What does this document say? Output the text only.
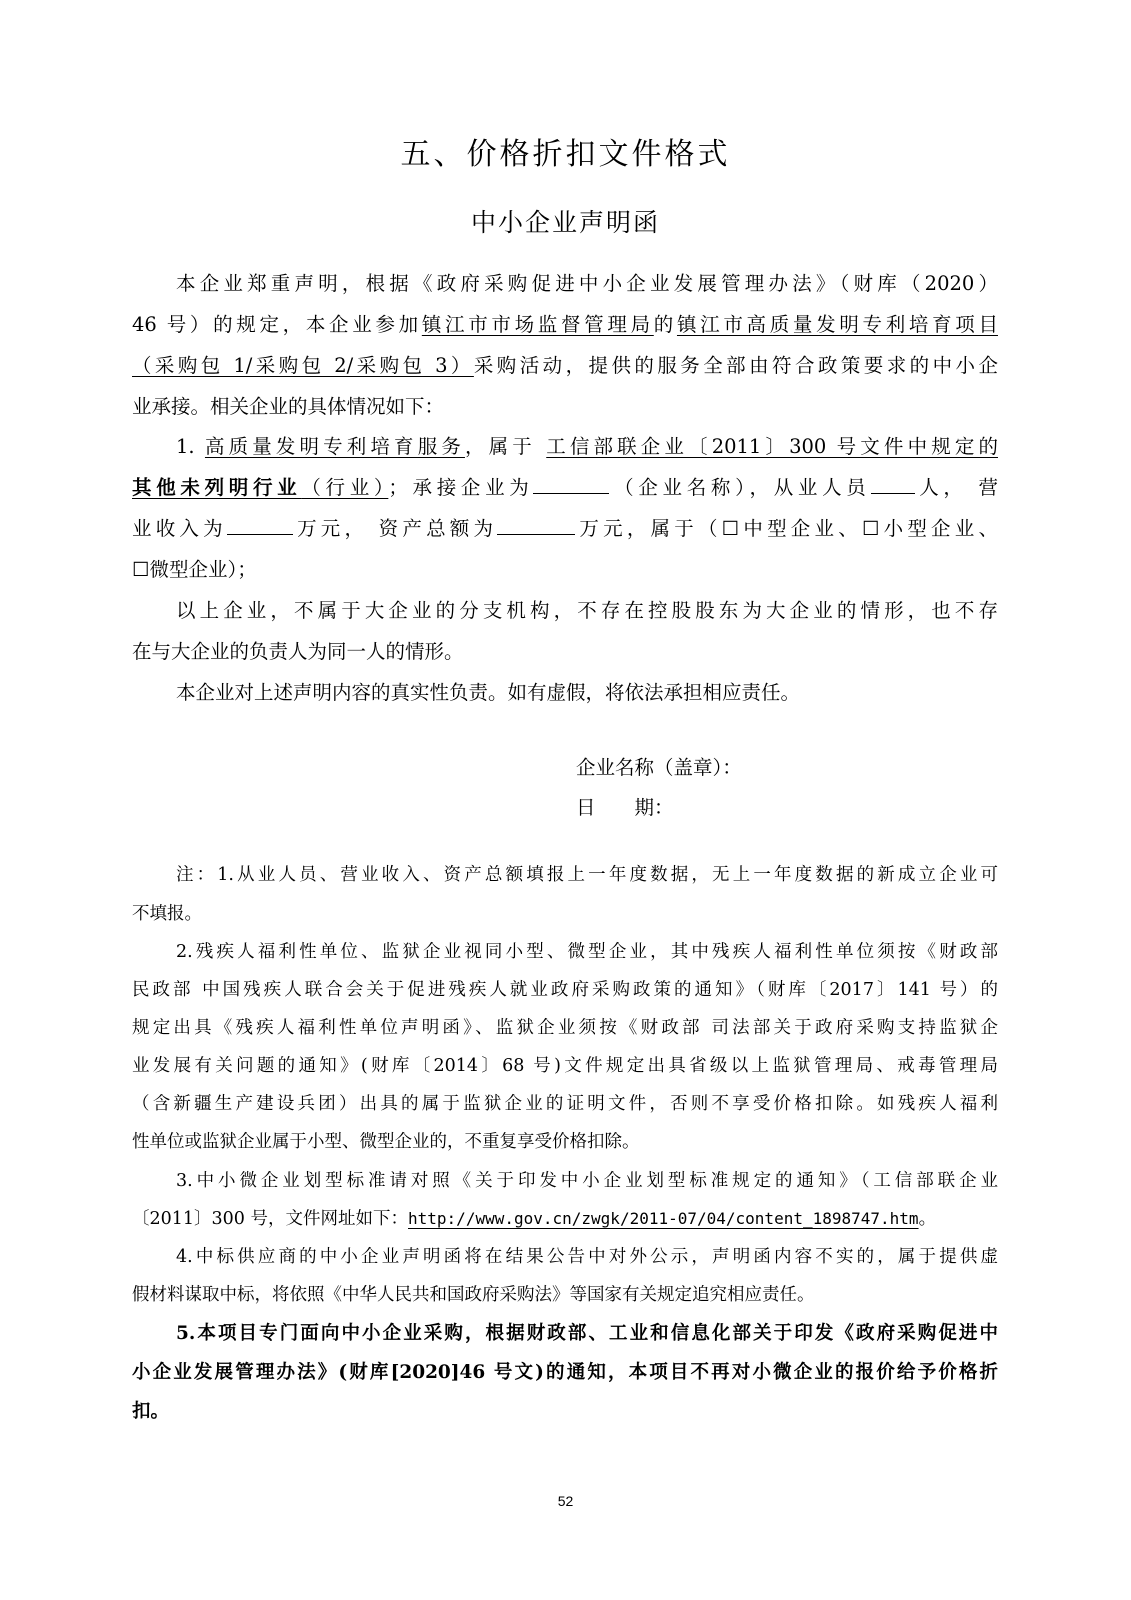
五、价格折扣文件格式
中小企业声明函
本企业郑重声明，根据《政府采购促进中小企业发展管理办法》（财库（2020）
46 号）的规定，本企业参加镇江市市场监督管理局的镇江市高质量发明专利培育项目
（采购包 1/采购包 2/采购包 3）采购活动，提供的服务全部由符合政策要求的中小企
业承接。相关企业的具体情况如下：
1. 高质量发明专利培育服务，属于 工信部联企业〔2011〕300 号文件中规定的
其他未列明行业（行业）；承接企业为	（企业名称），从业人员 人， 营
业收入为	万元， 资产总额为	万元，属于（☐中型企业、☐小型企业、
☐微型企业）；
以上企业，不属于大企业的分支机构，不存在控股股东为大企业的情形，也不存
在与大企业的负责人为同一人的情形。
本企业对上述声明内容的真实性负责。如有虚假，将依法承担相应责任。
企业名称（盖章）：
日　　期：
注：1.从业人员、营业收入、资产总额填报上一年度数据，无上一年度数据的新成立企业可
不填报。
2.残疾人福利性单位、监狱企业视同小型、微型企业，其中残疾人福利性单位须按《财政部
民政部 中国残疾人联合会关于促进残疾人就业政府采购政策的通知》（财库〔2017〕141 号）的
规定出具《残疾人福利性单位声明函》、监狱企业须按《财政部 司法部关于政府采购支持监狱企
业发展有关问题的通知》(财库〔2014〕68 号)文件规定出具省级以上监狱管理局、戒毒管理局
（含新疆生产建设兵团）出具的属于监狱企业的证明文件，否则不享受价格扣除。如残疾人福利
性单位或监狱企业属于小型、微型企业的，不重复享受价格扣除。
3.中小微企业划型标准请对照《关于印发中小企业划型标准规定的通知》（工信部联企业
〔2011〕300 号，文件网址如下：http://www.gov.cn/zwgk/2011-07/04/content_1898747.htm。
4.中标供应商的中小企业声明函将在结果公告中对外公示，声明函内容不实的，属于提供虚
假材料谋取中标，将依照《中华人民共和国政府采购法》等国家有关规定追究相应责任。
5.本项目专门面向中小企业采购，根据财政部、工业和信息化部关于印发《政府采购促进中
小企业发展管理办法》(财库[2020]46 号文)的通知，本项目不再对小微企业的报价给予价格折
扣。
52
